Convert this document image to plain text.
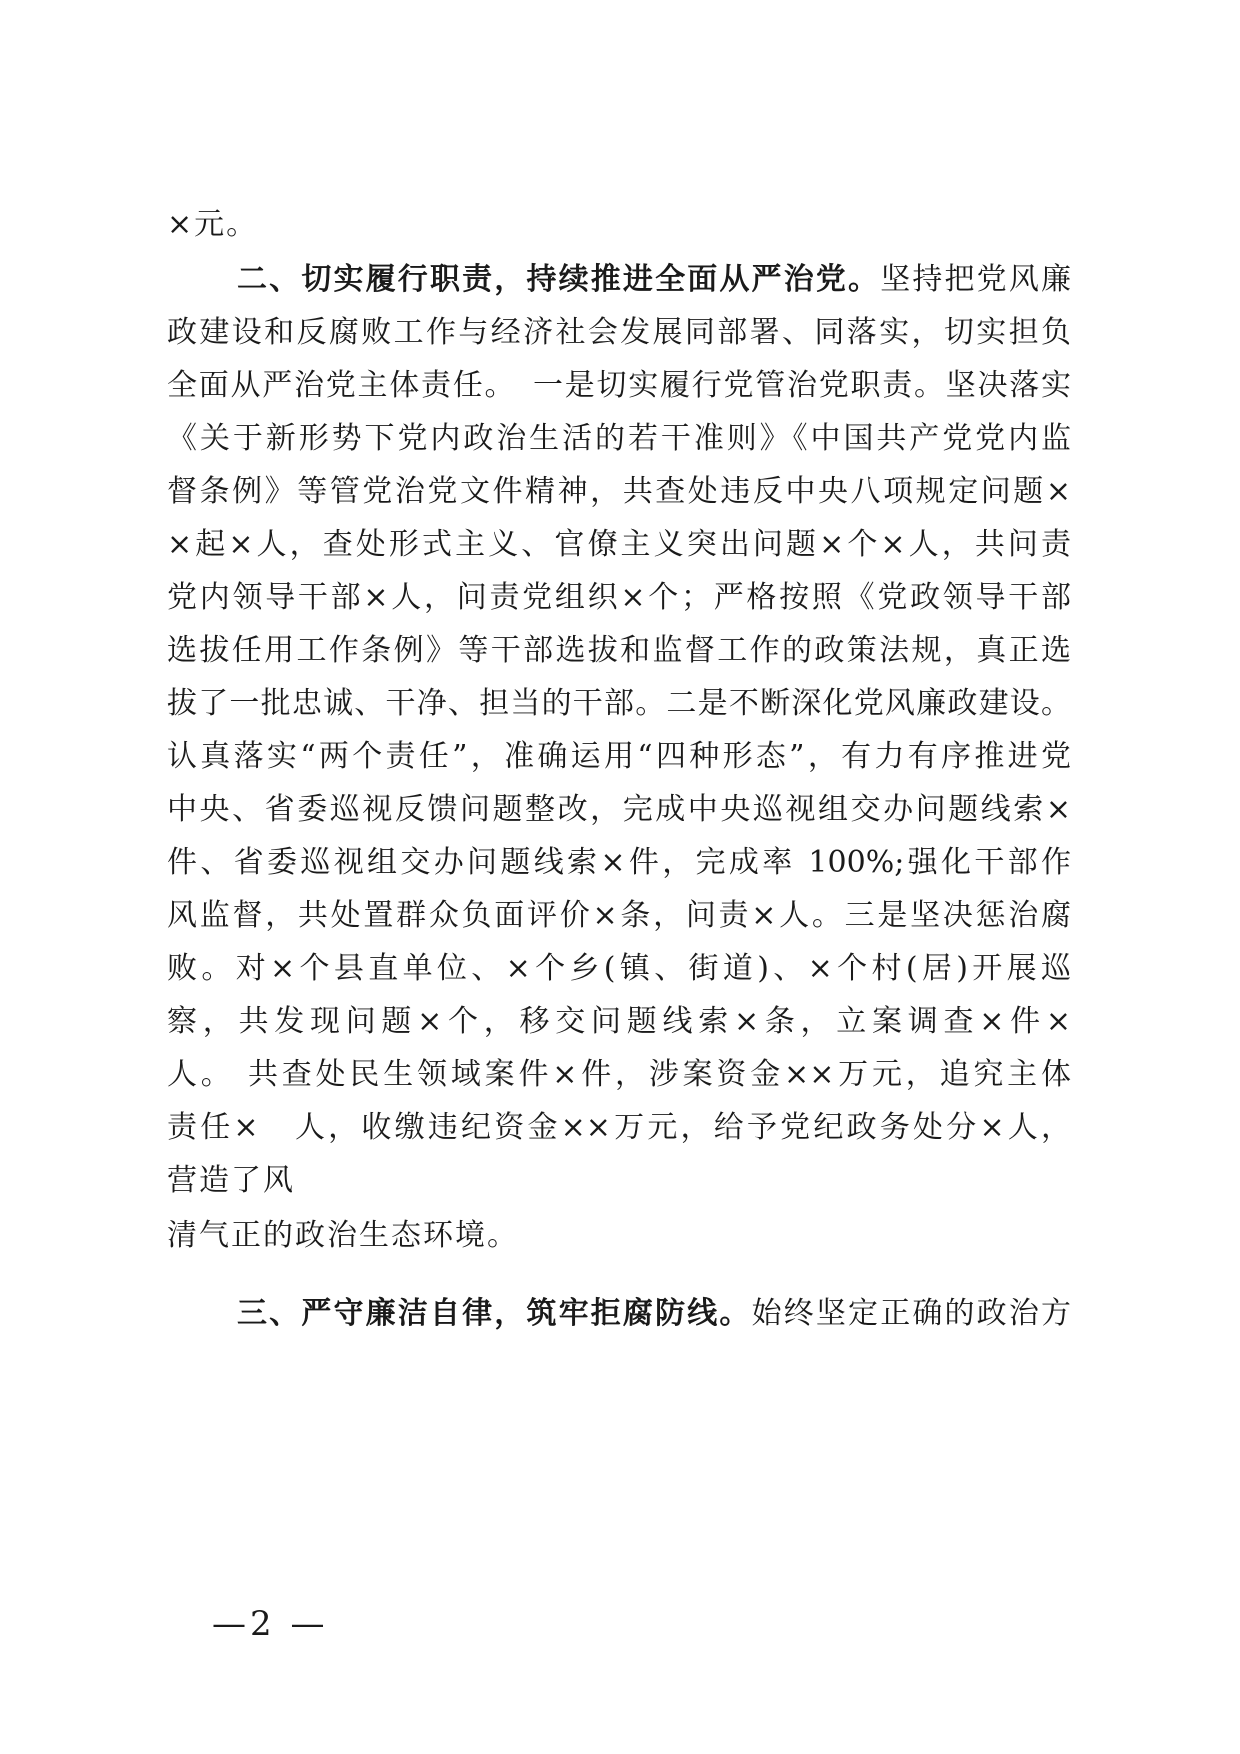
×元。
二、切实履行职责，持续推进全面从严治党。坚持把党风廉
政建设和反腐败工作与经济社会发展同部署、同落实，切实担负
全面从严治党主体责任。　一是切实履行党管治党职责。坚决落实
《关于新形势下党内政治生活的若干准则》《中国共产党党内监
督条例》等管党治党文件精神，共查处违反中央八项规定问题×
×起×人，查处形式主义、官僚主义突出问题×个×人，共问责
党内领导干部×人，问责党组织×个；严格按照《党政领导干部
选拔任用工作条例》等干部选拔和监督工作的政策法规，真正选
拔了一批忠诚、干净、担当的干部。二是不断深化党风廉政建设。
认真落实“两个责任”，准确运用“四种形态”，有力有序推进党
中央、省委巡视反馈问题整改，完成中央巡视组交办问题线索×
件、省委巡视组交办问题线索×件，完成率 100%;强化干部作
风监督，共处置群众负面评价×条，问责×人。三是坚决惩治腐
败。对×个县直单位、×个乡(镇、街道)、×个村(居)开展巡
察，共发现问题×个，移交问题线索×条，立案调查×件×
人。 共查处民生领域案件×件，涉案资金××万元，追究主体
责任×　人，收缴违纪资金××万元，给予党纪政务处分×人，
营造了风
清气正的政治生态环境。
三、严守廉洁自律，筑牢拒腐防线。始终坚定正确的政治方
—2 —
